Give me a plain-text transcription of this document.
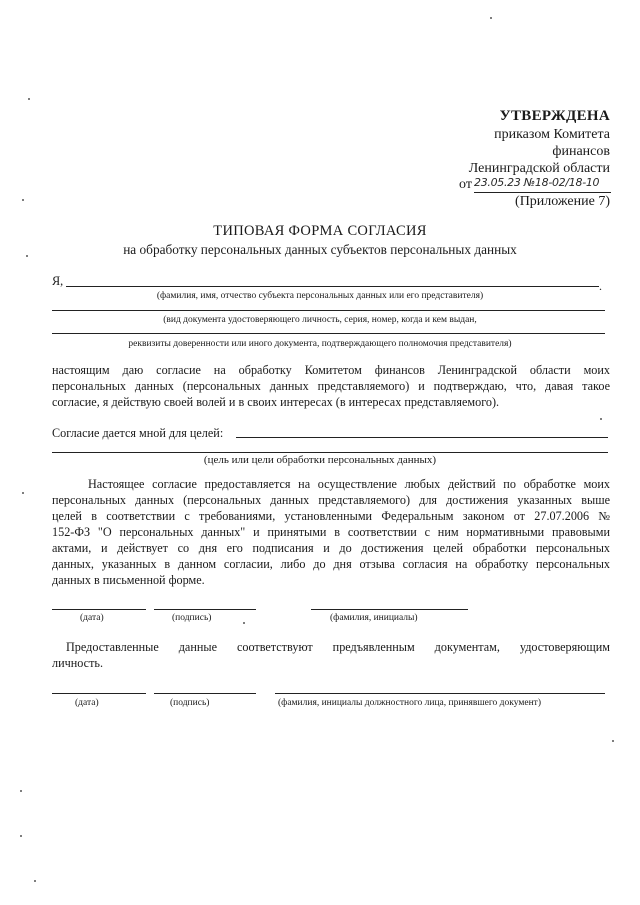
УТВЕРЖДЕНА
приказом Комитета
финансов
Ленинградской области
от 23.05.23 №18-02/18-10
(Приложение 7)
ТИПОВАЯ ФОРМА СОГЛАСИЯ
на обработку персональных данных субъектов персональных данных
Я,	.
(фамилия, имя, отчество субъекта персональных данных или его представителя)
(вид документа удостоверяющего личность, серия, номер, когда и кем выдан,
реквизиты доверенности или иного документа, подтверждающего полномочия представителя)
настоящим даю согласие на обработку Комитетом финансов Ленинградской области моих
персональных данных (персональных данных представляемого) и подтверждаю, что, давая такое
согласие, я действую своей волей и в своих интересах (в интересах представляемого).
Согласие дается мной для целей:
(цель или цели обработки персональных данных)
Настоящее согласие предоставляется на осуществление любых действий по обработке моих
персональных данных (персональных данных представляемого) для достижения указанных выше
целей в соответствии с требованиями, установленными Федеральным законом от 27.07.2006 №
152-ФЗ "О персональных данных" и принятыми в соответствии с ним нормативными правовыми
актами, и действует со дня его подписания и до достижения целей обработки персональных
данных, указанных в данном согласии, либо до дня отзыва согласия на обработку персональных
данных в письменной форме.
(дата)	(подпись)	(фамилия, инициалы)
Предоставленные данные соответствуют предъявленным документам, удостоверяющим
личность.
(дата)	(подпись)	(фамилия, инициалы должностного лица, принявшего документ)
